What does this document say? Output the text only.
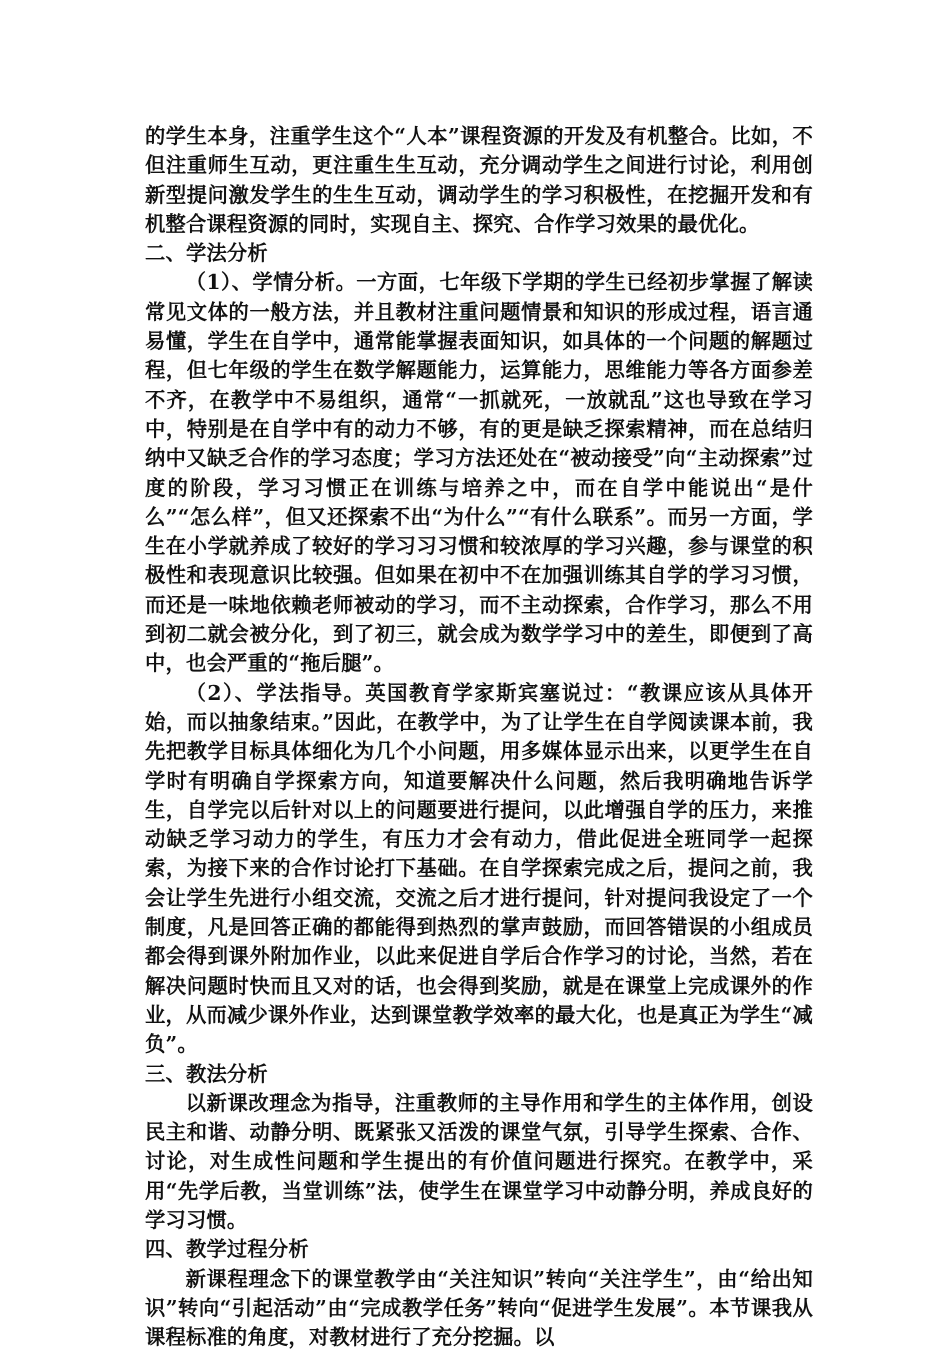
的学生本身，注重学生这个“人本”课程资源的开发及有机整合。比如，不但注重师生互动，更注重生生互动，充分调动学生之间进行讨论，利用创新型提问激发学生的生生互动，调动学生的学习积极性，在挖掘开发和有机整合课程资源的同时，实现自主、探究、合作学习效果的最优化。

二、学法分析

（1）、学情分析。一方面，七年级下学期的学生已经初步掌握了解读常见文体的一般方法，并且教材注重问题情景和知识的形成过程，语言通易懂，学生在自学中，通常能掌握表面知识，如具体的一个问题的解题过程，但七年级的学生在数学解题能力，运算能力，思维能力等各方面参差不齐，在教学中不易组织，通常“一抓就死，一放就乱”这也导致在学习中，特别是在自学中有的动力不够，有的更是缺乏探索精神，而在总结归纳中又缺乏合作的学习态度；学习方法还处在“被动接受”向“主动探索”过度的阶段，学习习惯正在训练与培养之中，而在自学中能说出“是什么”“怎么样”，但又还探索不出“为什么”“有什么联系”。而另一方面，学生在小学就养成了较好的学习习习惯和较浓厚的学习兴趣，参与课堂的积极性和表现意识比较强。但如果在初中不在加强训练其自学的学习习惯，而还是一味地依赖老师被动的学习，而不主动探索，合作学习，那么不用到初二就会被分化，到了初三，就会成为数学学习中的差生，即便到了高中，也会严重的“拖后腿”。

（2）、学法指导。英国教育学家斯宾塞说过：“教课应该从具体开始，而以抽象结束。”因此，在教学中，为了让学生在自学阅读课本前，我先把教学目标具体细化为几个小问题，用多媒体显示出来，以更学生在自学时有明确自学探索方向，知道要解决什么问题，然后我明确地告诉学生，自学完以后针对以上的问题要进行提问，以此增强自学的压力，来推动缺乏学习动力的学生，有压力才会有动力，借此促进全班同学一起探索，为接下来的合作讨论打下基础。在自学探索完成之后，提问之前，我会让学生先进行小组交流，交流之后才进行提问，针对提问我设定了一个制度，凡是回答正确的都能得到热烈的掌声鼓励，而回答错误的小组成员都会得到课外附加作业，以此来促进自学后合作学习的讨论，当然，若在解决问题时快而且又对的话，也会得到奖励，就是在课堂上完成课外的作业，从而减少课外作业，达到课堂教学效率的最大化，也是真正为学生“减负”。

三、教法分析

以新课改理念为指导，注重教师的主导作用和学生的主体作用，创设民主和谐、动静分明、既紧张又活泼的课堂气氛，引导学生探索、合作、讨论，对生成性问题和学生提出的有价值问题进行探究。在教学中，采用“先学后教，当堂训练”法，使学生在课堂学习中动静分明，养成良好的学习习惯。

四、教学过程分析

新课程理念下的课堂教学由“关注知识”转向“关注学生”，由“给出知识”转向“引起活动”由“完成教学任务”转向“促进学生发展”。本节课我从课程标准的角度，对教材进行了充分挖掘。以
